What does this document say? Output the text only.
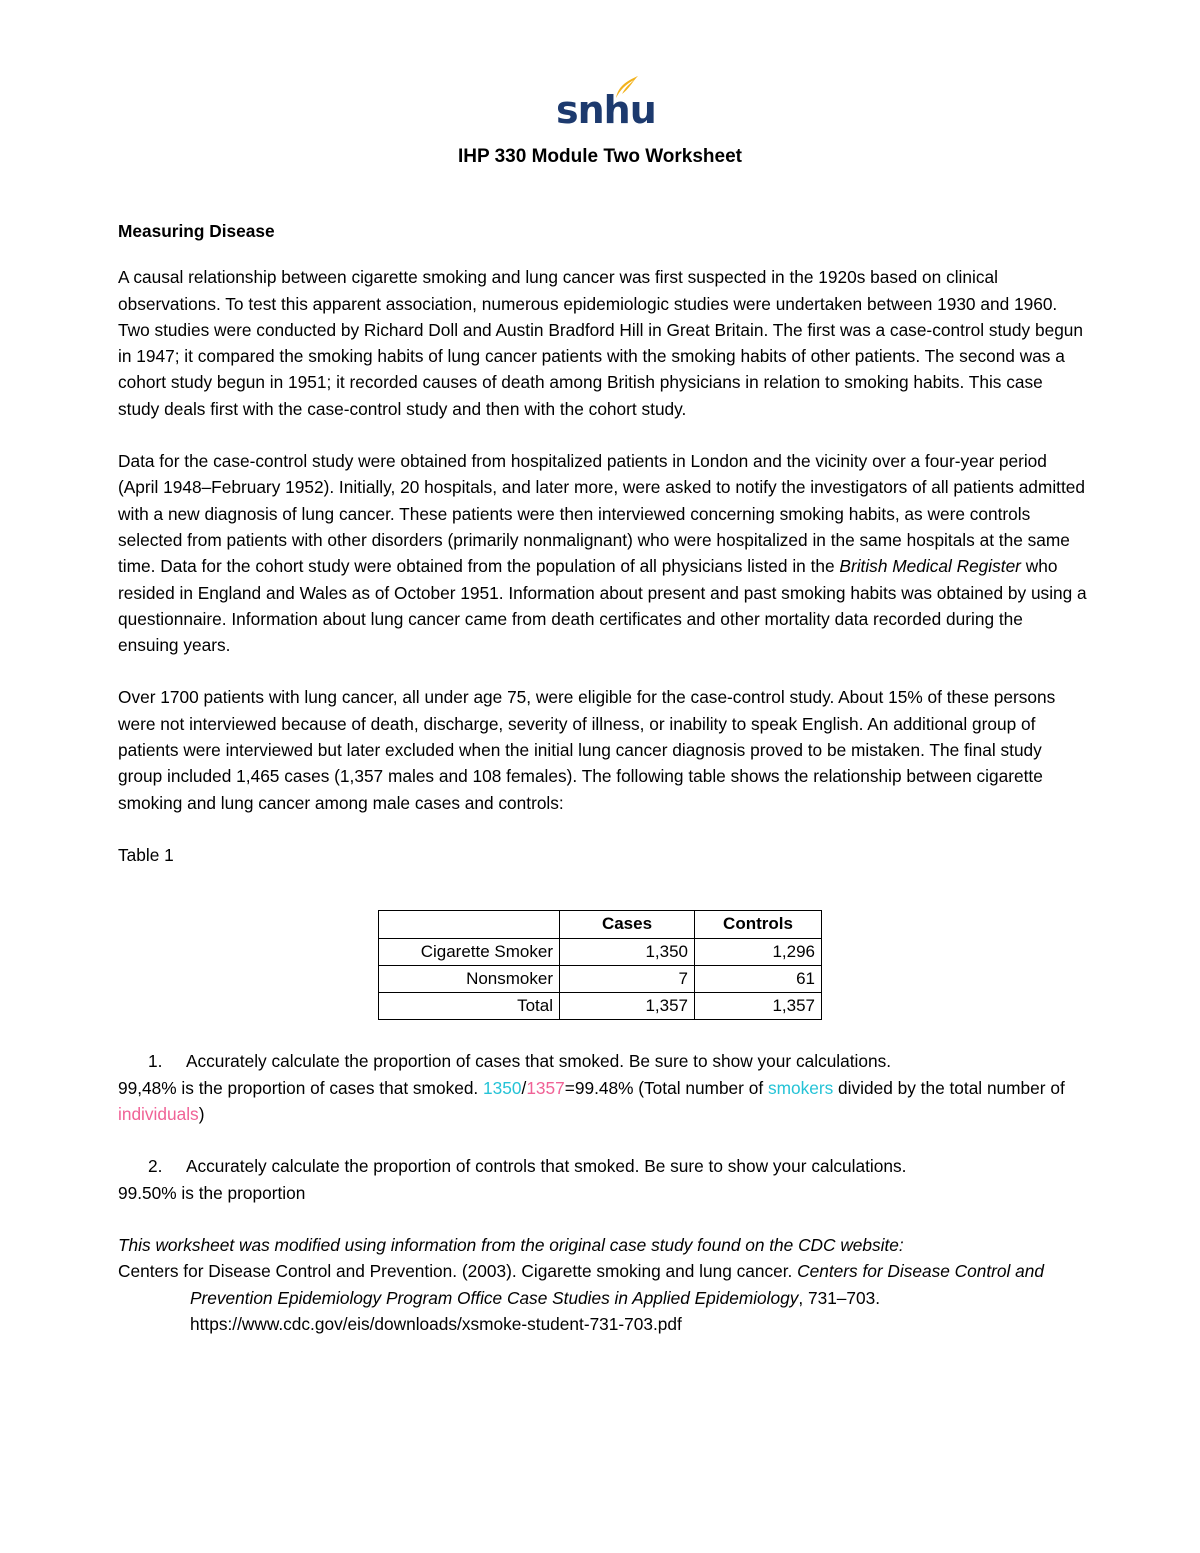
snhu
IHP 330 Module Two Worksheet

Measuring Disease

A causal relationship between cigarette smoking and lung cancer was first suspected in the 1920s based on clinical observations. To test this apparent association, numerous epidemiologic studies were undertaken between 1930 and 1960. Two studies were conducted by Richard Doll and Austin Bradford Hill in Great Britain. The first was a case-control study begun in 1947; it compared the smoking habits of lung cancer patients with the smoking habits of other patients. The second was a cohort study begun in 1951; it recorded causes of death among British physicians in relation to smoking habits. This case study deals first with the case-control study and then with the cohort study.

Data for the case-control study were obtained from hospitalized patients in London and the vicinity over a four-year period (April 1948–February 1952). Initially, 20 hospitals, and later more, were asked to notify the investigators of all patients admitted with a new diagnosis of lung cancer. These patients were then interviewed concerning smoking habits, as were controls selected from patients with other disorders (primarily nonmalignant) who were hospitalized in the same hospitals at the same time. Data for the cohort study were obtained from the population of all physicians listed in the British Medical Register who resided in England and Wales as of October 1951. Information about present and past smoking habits was obtained by using a questionnaire. Information about lung cancer came from death certificates and other mortality data recorded during the ensuing years.

Over 1700 patients with lung cancer, all under age 75, were eligible for the case-control study. About 15% of these persons were not interviewed because of death, discharge, severity of illness, or inability to speak English. An additional group of patients were interviewed but later excluded when the initial lung cancer diagnosis proved to be mistaken. The final study group included 1,465 cases (1,357 males and 108 females). The following table shows the relationship between cigarette smoking and lung cancer among male cases and controls:

Table 1

	Cases	Controls
Cigarette Smoker	1,350	1,296
Nonsmoker	7	61
Total	1,357	1,357
1. Accurately calculate the proportion of cases that smoked. Be sure to show your calculations.

99,48% is the proportion of cases that smoked. 1350/1357=99.48% (Total number of smokers divided by the total number of individuals)

2. Accurately calculate the proportion of controls that smoked. Be sure to show your calculations.

99.50% is the proportion

This worksheet was modified using information from the original case study found on the CDC website:

Centers for Disease Control and Prevention. (2003). Cigarette smoking and lung cancer. Centers for Disease Control and Prevention Epidemiology Program Office Case Studies in Applied Epidemiology, 731–703.

https://www.cdc.gov/eis/downloads/xsmoke-student-731-703.pdf
